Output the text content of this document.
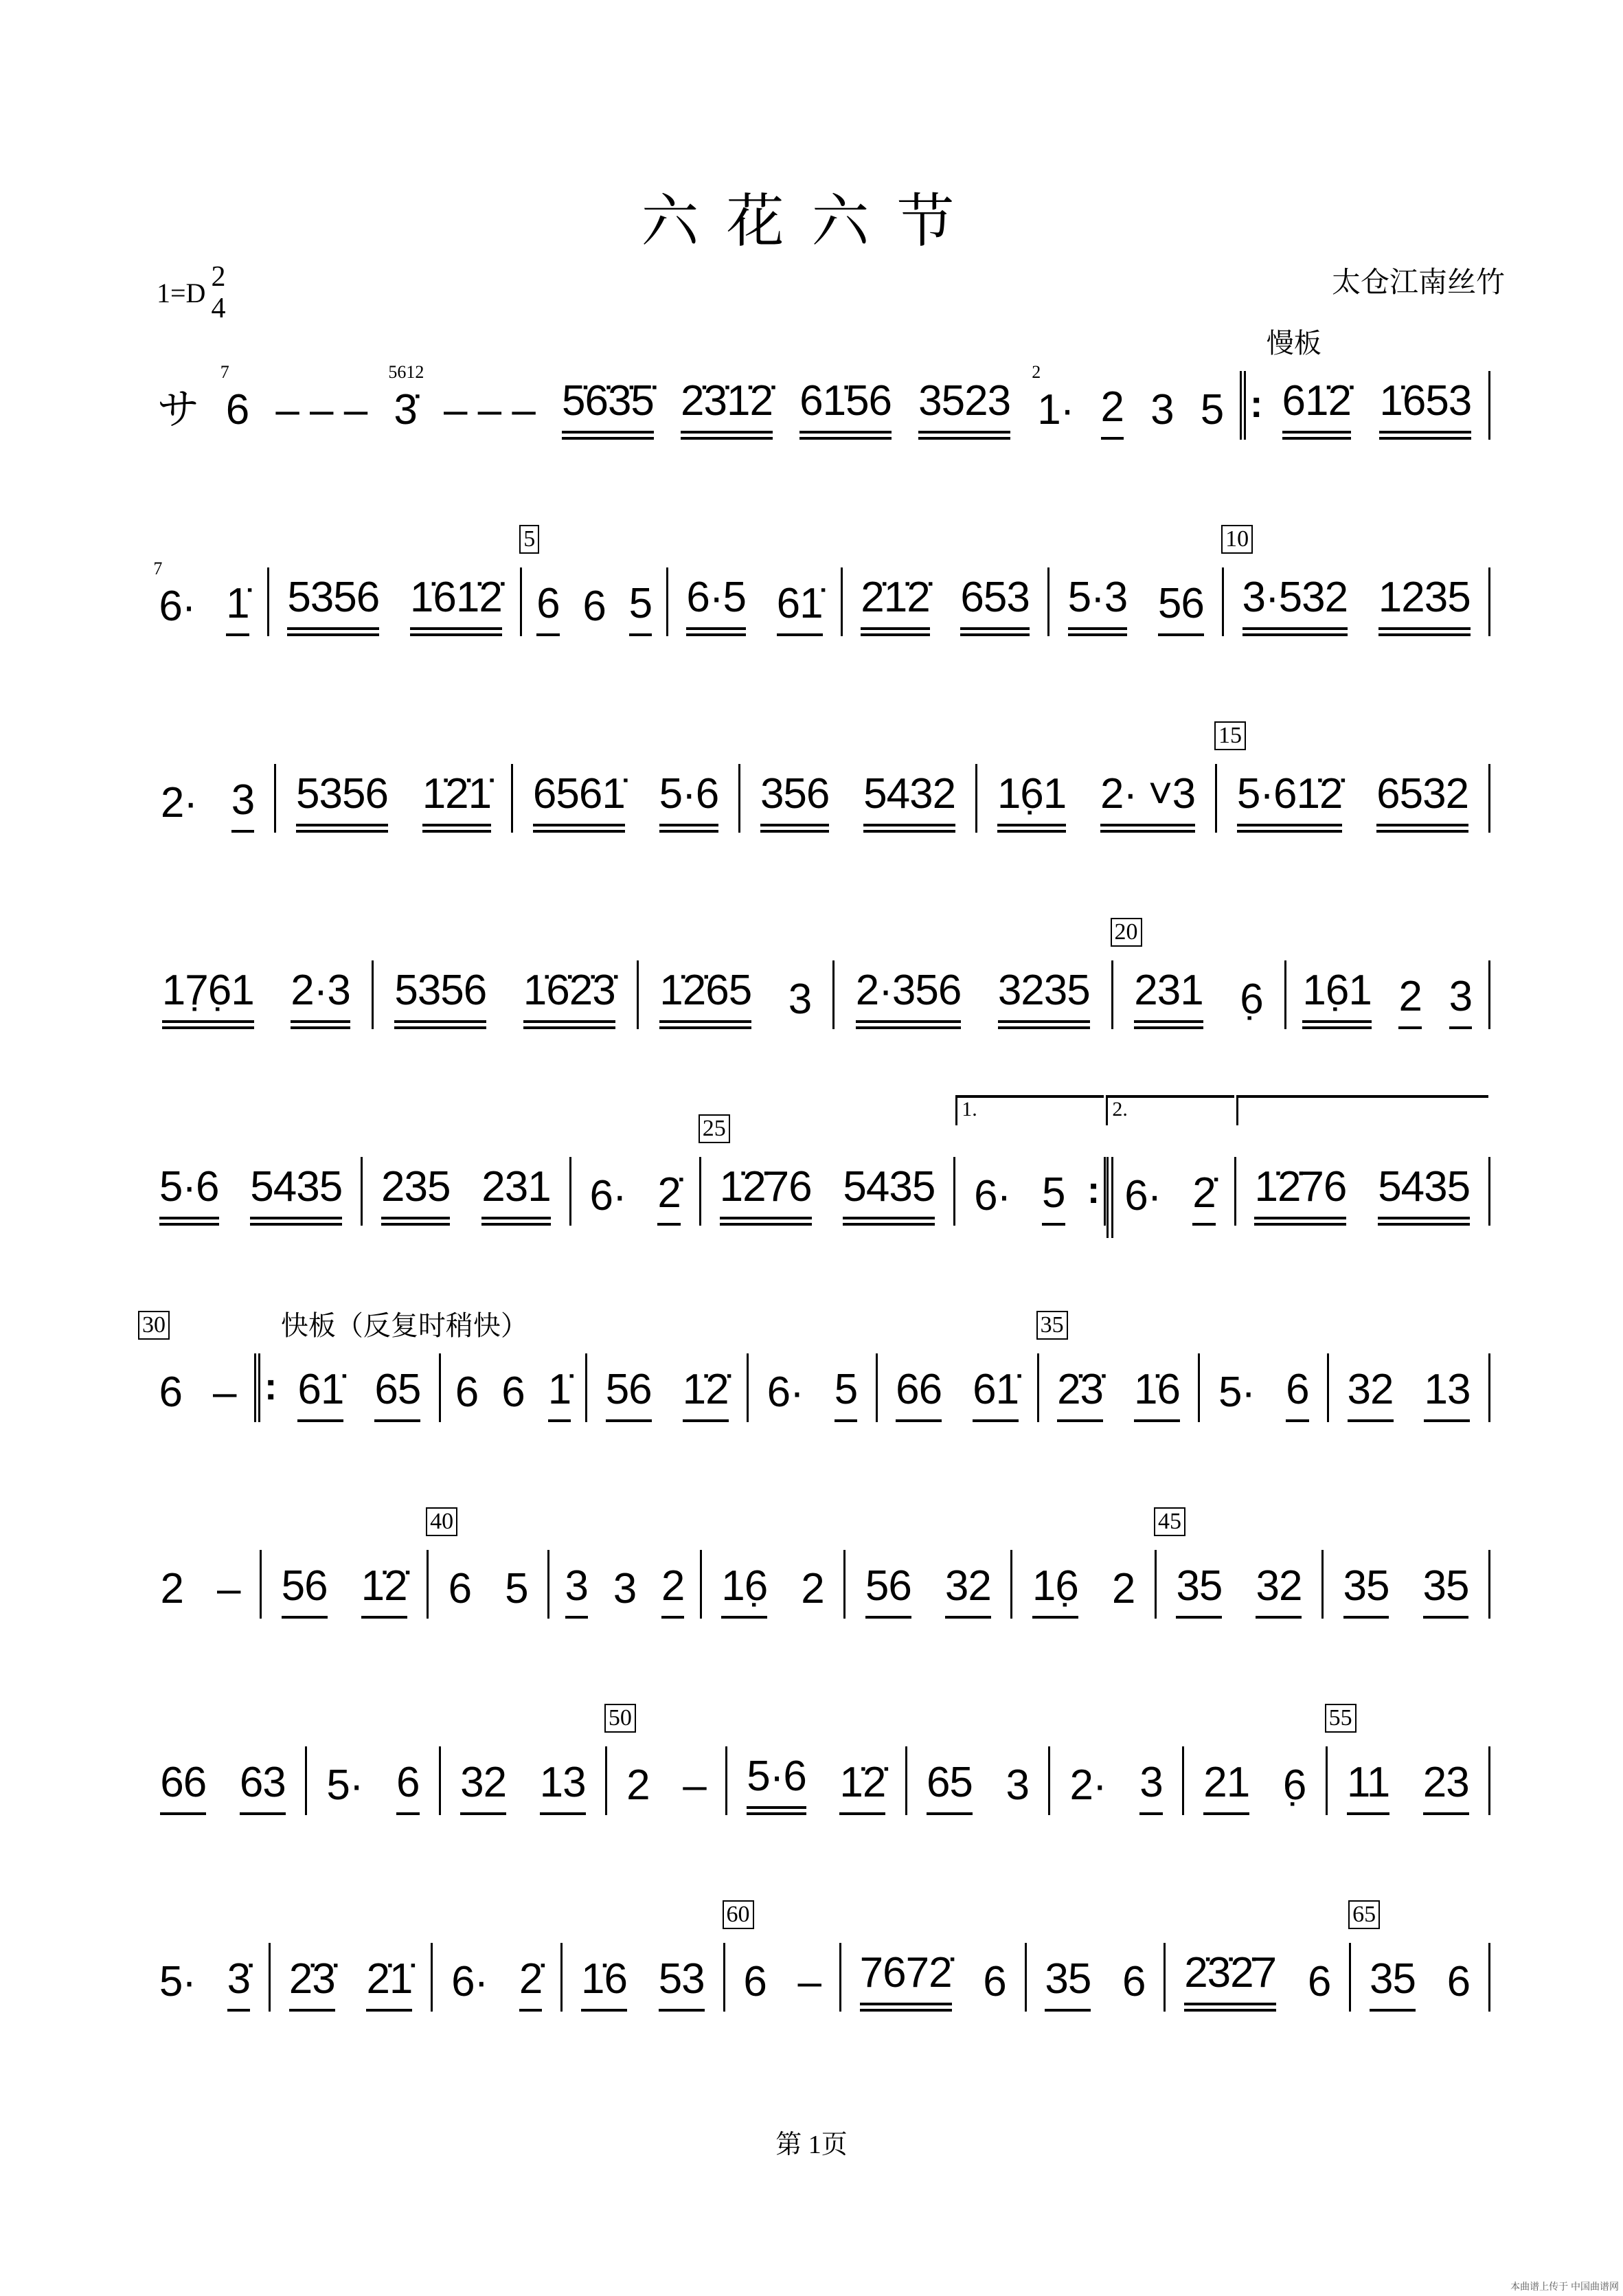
六花六节
1=D 2
4
太仓江南丝竹
サ
7
6 – – –
5612
3̇ – – – 5̇6̇3̇5̇ 2̇3̇1̇2̇ 61̇56 3523
2
1· 2 3 5
: 慢板
61̇2̇ 1̇653
7
6· 1̇ 5356 1̇61̇2̇
5
6 6 5 6·5 61̇ 2̇1̇2̇ 653 5·3 56
10
3·532 1235
2· 3 5356 1̇2̇1̇ 6561̇ 5·6 356 5432 16̣1 2· ˅3
15
5·61̇2̇ 6532
17̣6̣1 2·3 5356 1̇6̇2̇3̇ 1̇2̇65 3 2·356 3235
20
231 6̣ 16̣1 2 3
5·6 5435 235 231 6· 2̇
25
1̇2̇76 5435
1.
6· 5 :
2.
6· 2̇ 1̇2̇76 5435
30
6 –
: 快板（反复时稍快）
61̇ 65 6 6 1̇ 56 1̇2̇ 6· 5 66 61̇
35
2̇3̇ 1̇6 5· 6 32 13
2 – 56 1̇2̇
40
6 5 3 3 2 16̣ 2 56 32 16̣ 2
45
35 32 35 35
66 63 5· 6 32 13
50
2 – 5·6 1̇2̇ 65 3 2· 3 21 6̣
55
11 23
5· 3̇ 2̇3̇ 2̇1̇ 6· 2̇ 1̇6 53
60
6 – 7672̇ 6 35 6 2̇3̇2̇7 6
65
35 6
第 1页
本曲谱上传于 中国曲谱网
